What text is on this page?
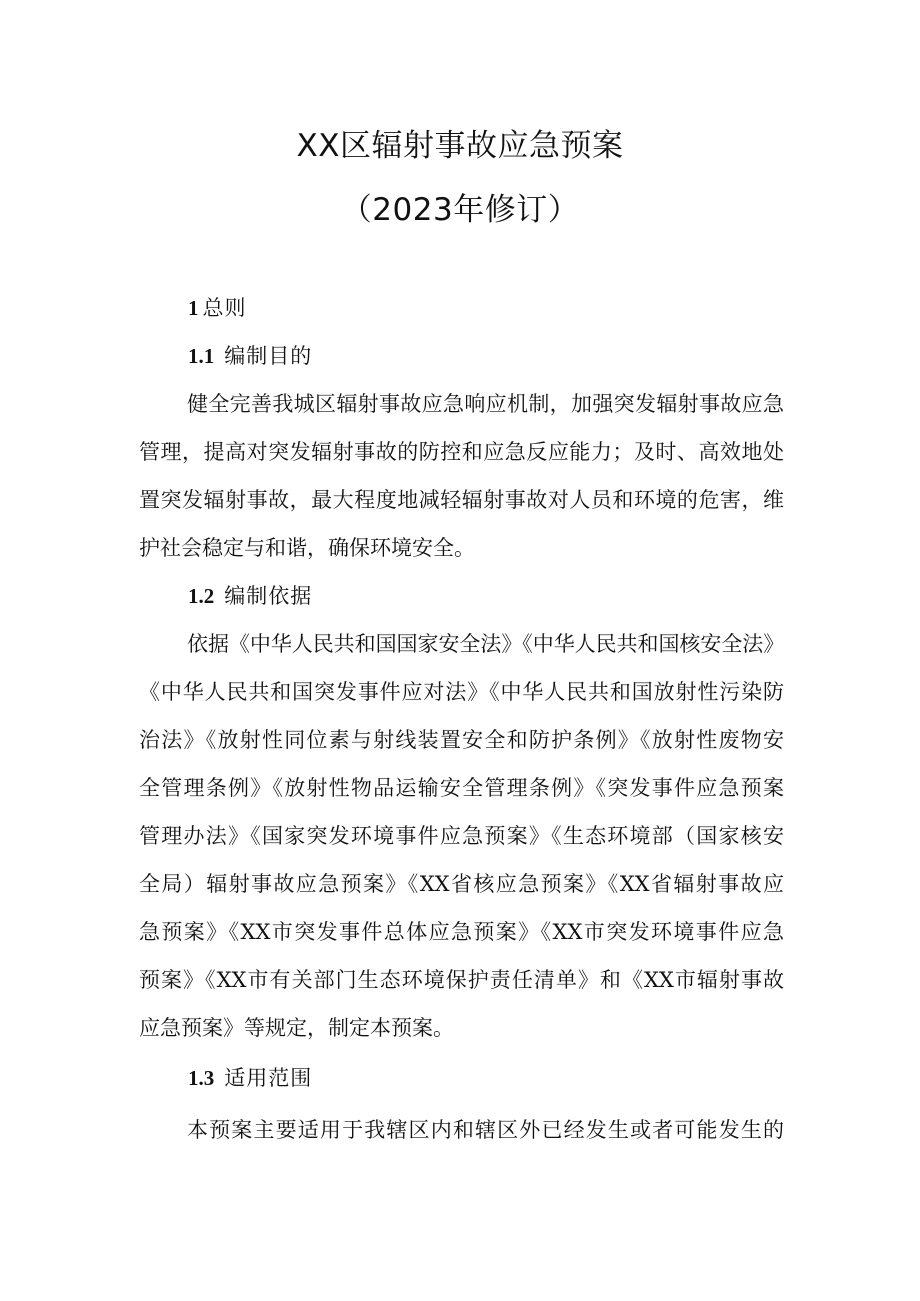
XX区辐射事故应急预案
（2023年修订）
1 总则
1.1 编制目的
健全完善我城区辐射事故应急响应机制，加强突发辐射事故应急
管理，提高对突发辐射事故的防控和应急反应能力；及时、高效地处
置突发辐射事故，最大程度地减轻辐射事故对人员和环境的危害，维
护社会稳定与和谐，确保环境安全。
1.2 编制依据
依据《中华人民共和国国家安全法》《中华人民共和国核安全法》
《中华人民共和国突发事件应对法》《中华人民共和国放射性污染防
治法》《放射性同位素与射线装置安全和防护条例》《放射性废物安
全管理条例》《放射性物品运输安全管理条例》《突发事件应急预案
管理办法》《国家突发环境事件应急预案》《生态环境部（国家核安
全局）辐射事故应急预案》《XX省核应急预案》《XX省辐射事故应
急预案》《XX市突发事件总体应急预案》《XX市突发环境事件应急
预案》《XX市有关部门生态环境保护责任清单》和《XX市辐射事故
应急预案》等规定，制定本预案。
1.3 适用范围
本预案主要适用于我辖区内和辖区外已经发生或者可能发生的
